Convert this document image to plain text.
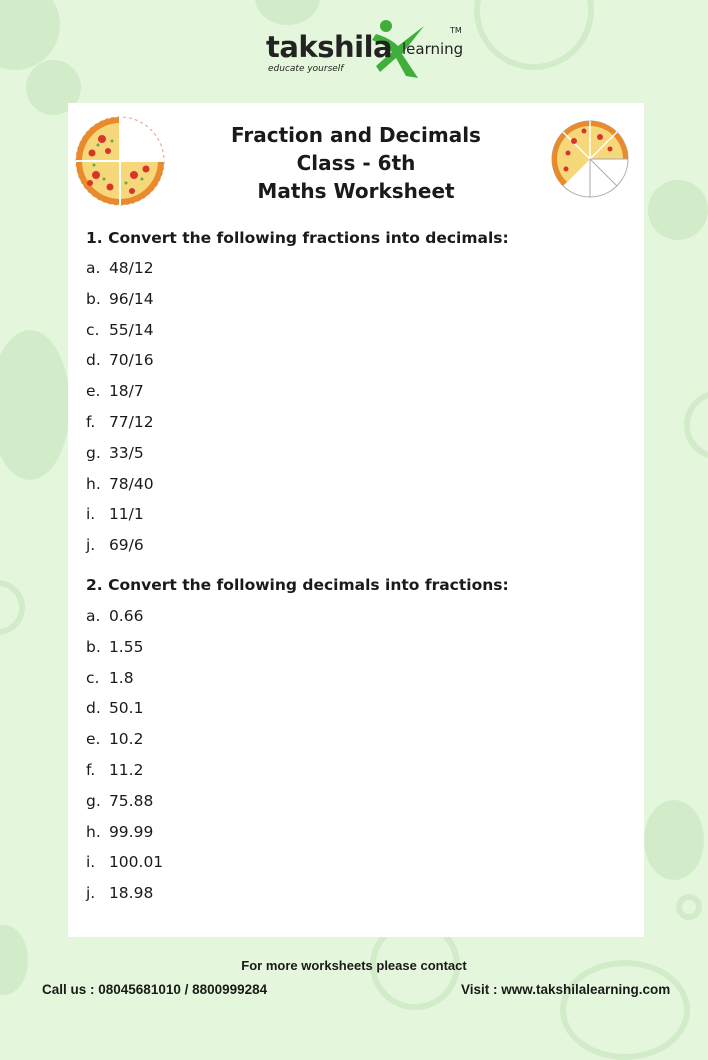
takshila learning
educate yourself
TM
Fraction and Decimals
Class - 6th
Maths Worksheet
1. Convert the following fractions into decimals:
a. 48/12
b. 96/14
c. 55/14
d. 70/16
e. 18/7
f. 77/12
g. 33/5
h. 78/40
i. 11/1
j. 69/6
2. Convert the following decimals into fractions:
a. 0.66
b. 1.55
c. 1.8
d. 50.1
e. 10.2
f. 11.2
g. 75.88
h. 99.99
i. 100.01
j. 18.98
For more worksheets please contact
Call us : 08045681010 / 8800999284	Visit : www.takshilalearning.com
